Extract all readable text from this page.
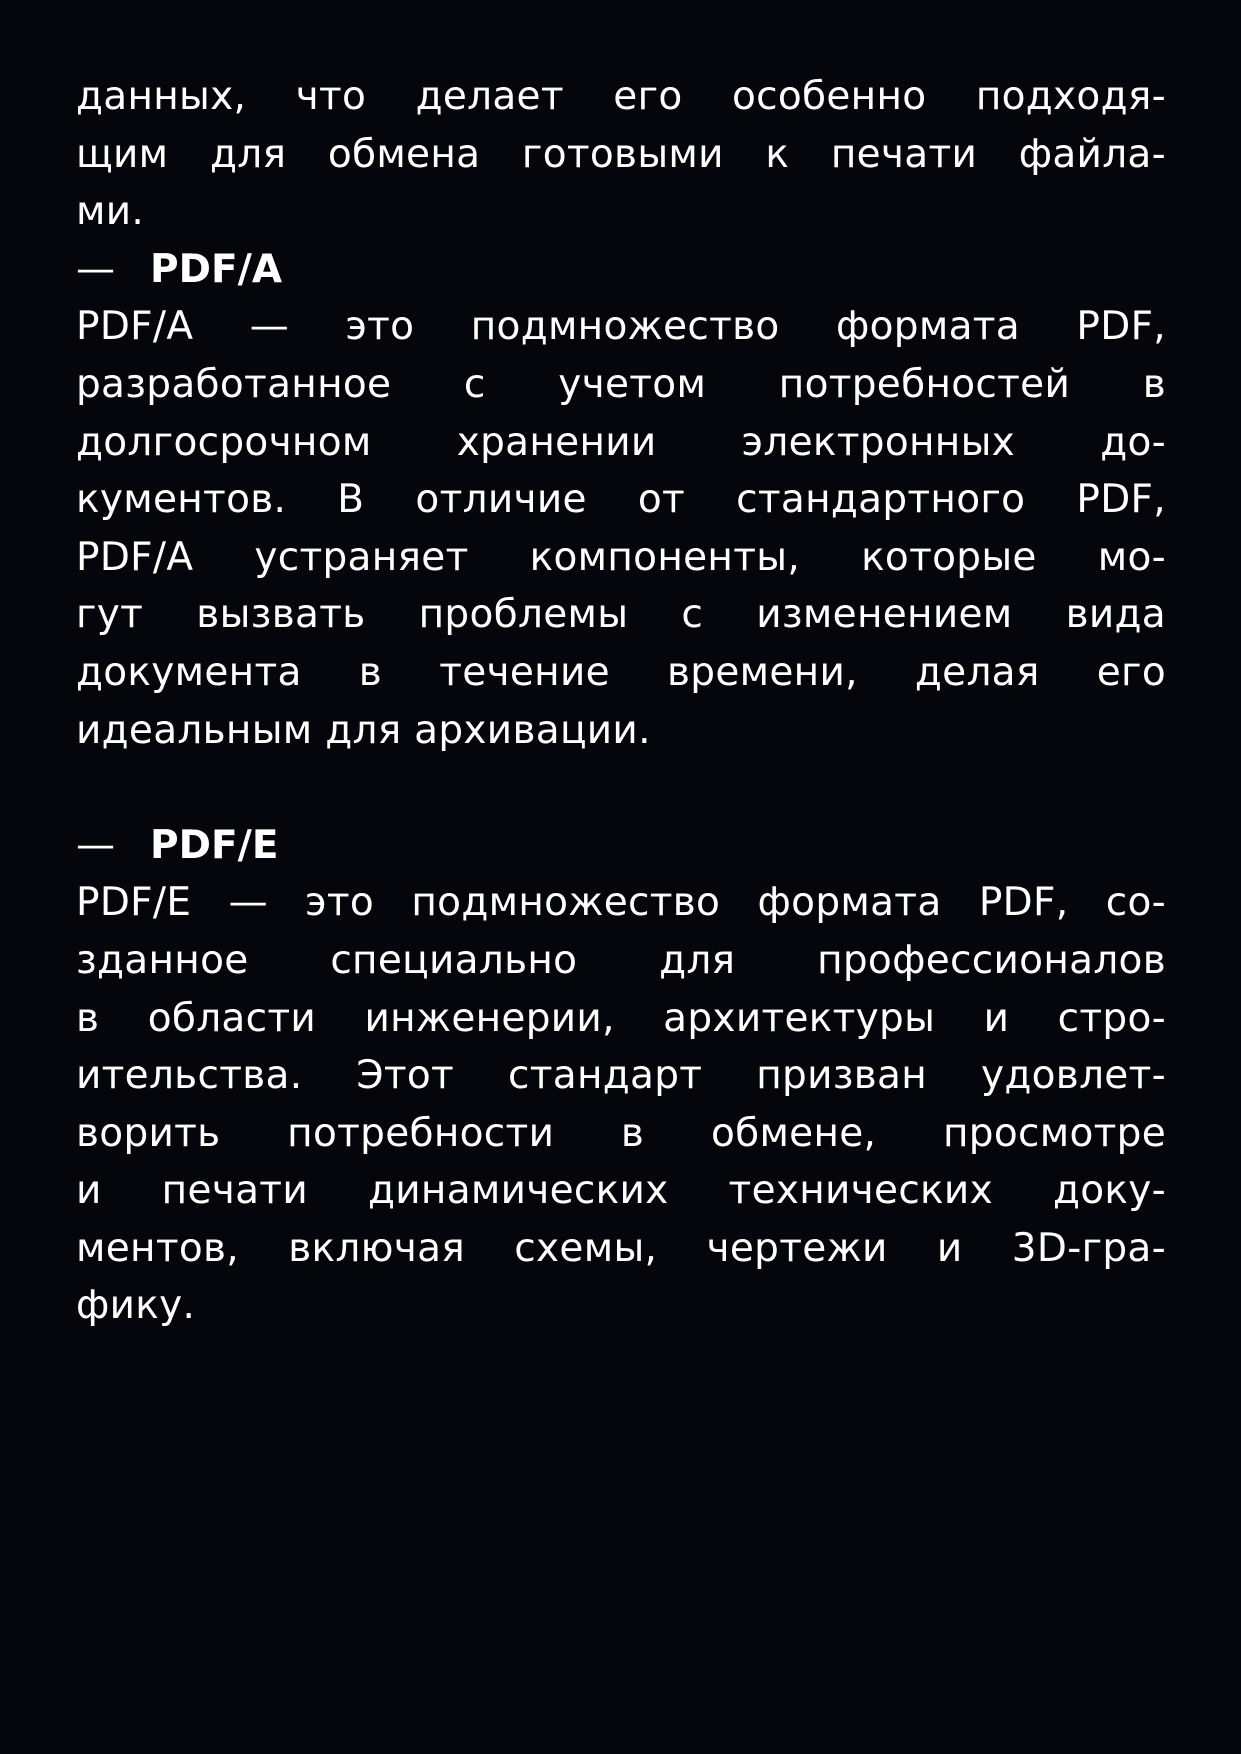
данных, что делает его особенно подходя-
щим для обмена готовыми к печати файла-
ми.
— PDF/A
PDF/A — это подмножество формата PDF,
разработанное с учетом потребностей в
долгосрочном хранении электронных до-
кументов. В отличие от стандартного PDF,
PDF/A устраняет компоненты, которые мо-
гут вызвать проблемы с изменением вида
документа в течение времени, делая его
идеальным для архивации.
— PDF/E
PDF/E — это подмножество формата PDF, со-
зданное специально для профессионалов
в области инженерии, архитектуры и стро-
ительства. Этот стандарт призван удовлет-
ворить потребности в обмене, просмотре
и печати динамических технических доку-
ментов, включая схемы, чертежи и 3D-гра-
фику.
